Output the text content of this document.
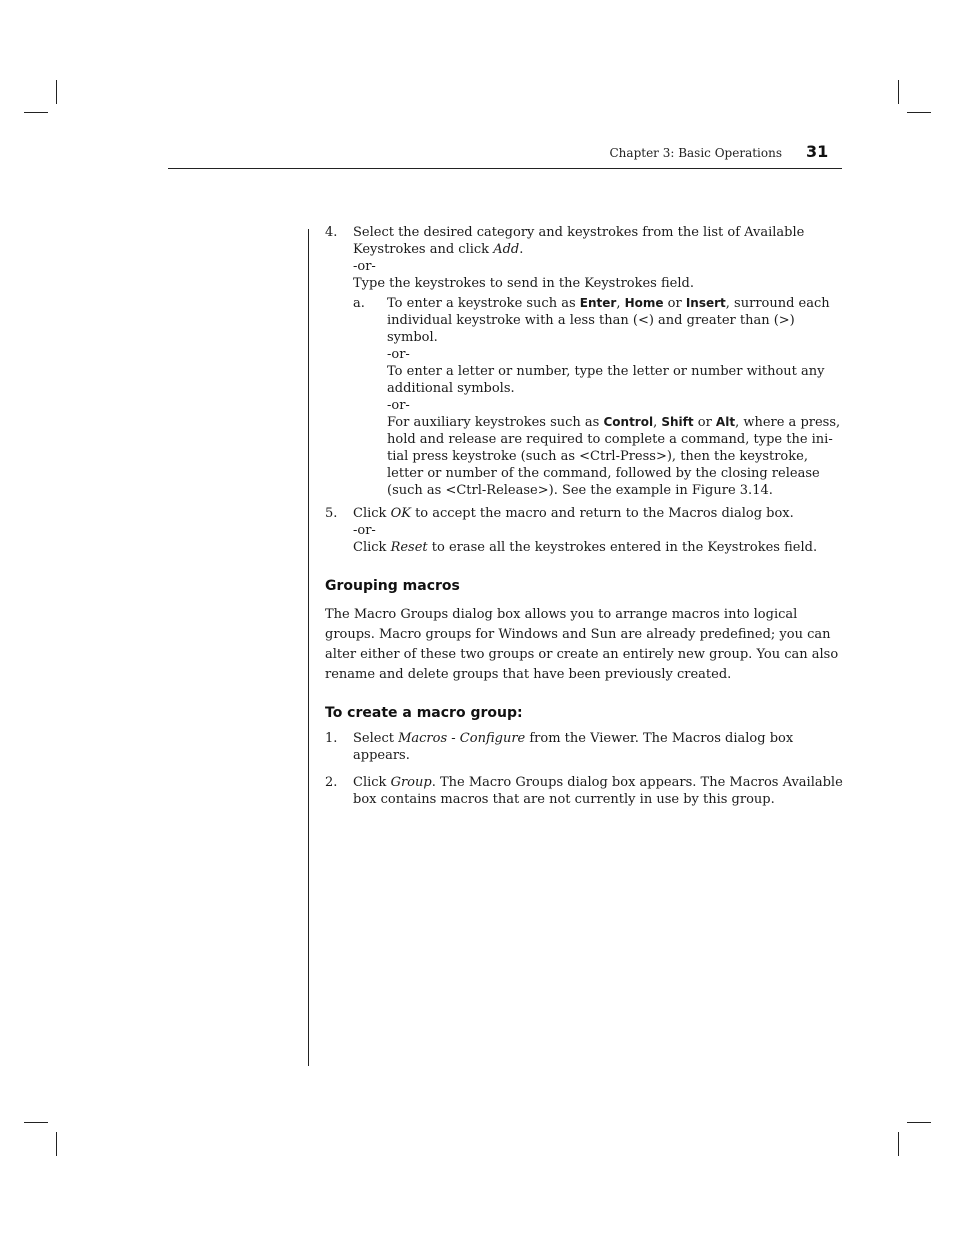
Chapter 3: Basic Operations 31
4. Select the desired category and keystrokes from the list of Available Keystrokes and click Add.
-or-
Type the keystrokes to send in the Keystrokes field.
a. To enter a keystroke such as Enter, Home or Insert, surround each individual keystroke with a less than (<) and greater than (>) symbol.
-or-
To enter a letter or number, type the letter or number without any additional symbols.
-or-
For auxiliary keystrokes such as Control, Shift or Alt, where a press, hold and release are required to complete a command, type the ini-tial press keystroke (such as <Ctrl-Press>), then the keystroke, letter or number of the command, followed by the closing release (such as <Ctrl-Release>). See the example in Figure 3.14.
5. Click OK to accept the macro and return to the Macros dialog box.
-or-
Click Reset to erase all the keystrokes entered in the Keystrokes field.
Grouping macros

The Macro Groups dialog box allows you to arrange macros into logical groups. Macro groups for Windows and Sun are already predefined; you can alter either of these two groups or create an entirely new group. You can also rename and delete groups that have been previously created.

To create a macro group:
1. Select Macros - Configure from the Viewer. The Macros dialog box appears.
2. Click Group. The Macro Groups dialog box appears. The Macros Available box contains macros that are not currently in use by this group.
